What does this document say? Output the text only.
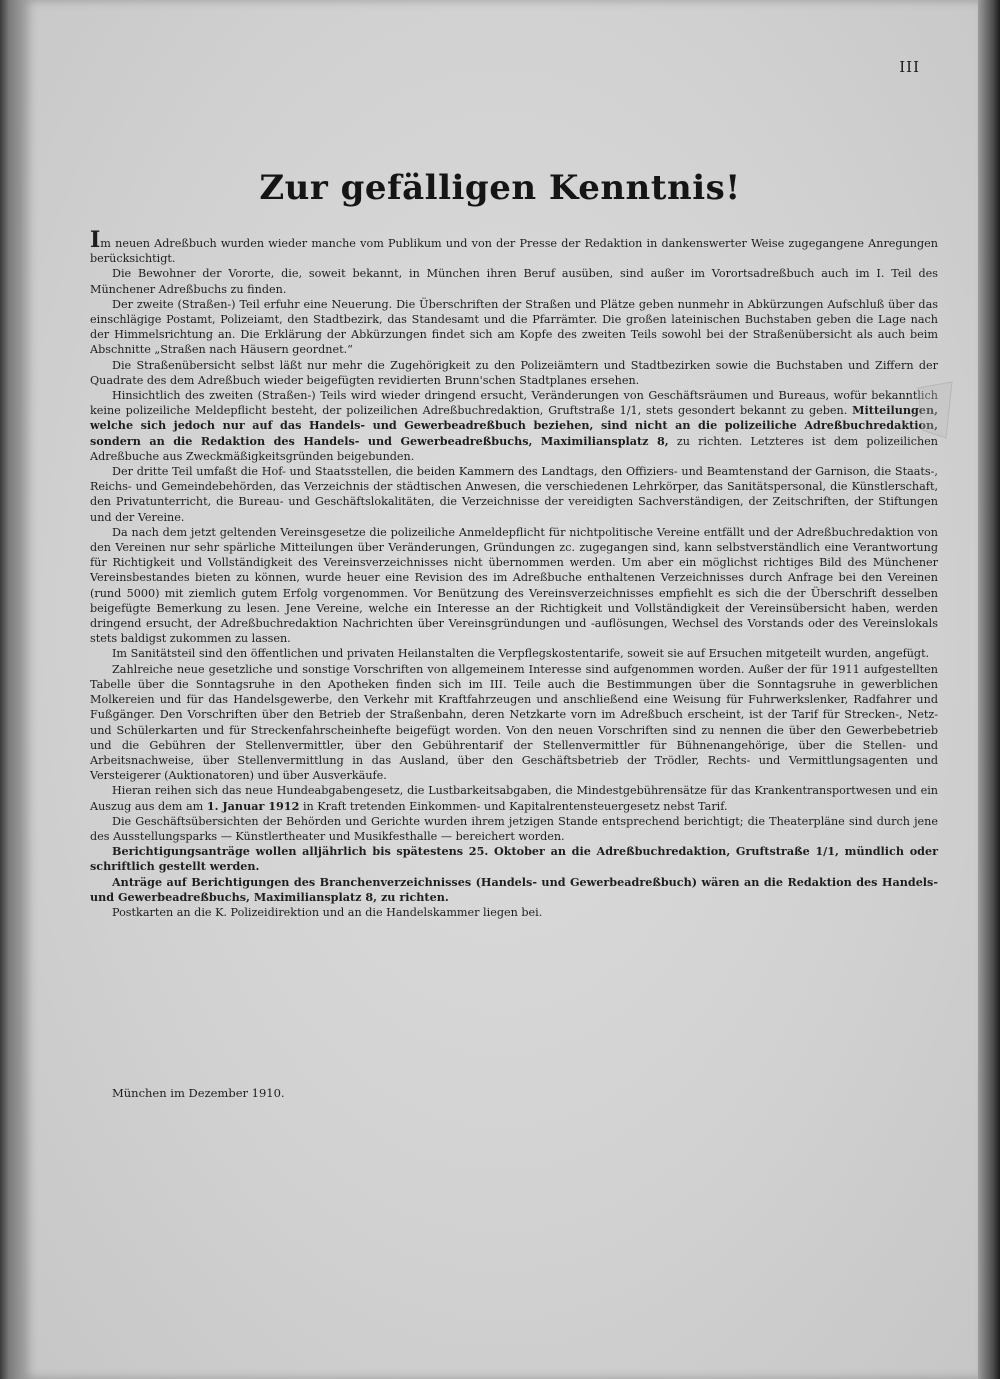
III
Zur gefälligen Kenntnis!

Im neuen Adreßbuch wurden wieder manche vom Publikum und von der Presse der Redaktion in dankenswerter Weise zugegangene Anregungen berücksichtigt.

Die Bewohner der Vororte, die, soweit bekannt, in München ihren Beruf ausüben, sind außer im Vorortsadreßbuch auch im I. Teil des Münchener Adreßbuchs zu finden.

Der zweite (Straßen-) Teil erfuhr eine Neuerung. Die Überschriften der Straßen und Plätze geben nunmehr in Abkürzungen Aufschluß über das einschlägige Postamt, Polizeiamt, den Stadtbezirk, das Standesamt und die Pfarrämter. Die großen lateinischen Buchstaben geben die Lage nach der Himmelsrichtung an. Die Erklärung der Abkürzungen findet sich am Kopfe des zweiten Teils sowohl bei der Straßenübersicht als auch beim Abschnitte „Straßen nach Häusern geordnet.“

Die Straßenübersicht selbst läßt nur mehr die Zugehörigkeit zu den Polizeiämtern und Stadtbezirken sowie die Buchstaben und Ziffern der Quadrate des dem Adreßbuch wieder beigefügten revidierten Brunn'schen Stadtplanes ersehen.

Hinsichtlich des zweiten (Straßen-) Teils wird wieder dringend ersucht, Veränderungen von Geschäftsräumen und Bureaus, wofür bekanntlich keine polizeiliche Meldepflicht besteht, der polizeilichen Adreßbuchredaktion, Gruftstraße 1/1, stets gesondert bekannt zu geben. Mitteilungen, welche sich jedoch nur auf das Handels- und Gewerbeadreßbuch beziehen, sind nicht an die polizeiliche Adreßbuchredaktion, sondern an die Redaktion des Handels- und Gewerbeadreßbuchs, Maximiliansplatz 8, zu richten. Letzteres ist dem polizeilichen Adreßbuche aus Zweckmäßigkeitsgründen beigebunden.

Der dritte Teil umfaßt die Hof- und Staatsstellen, die beiden Kammern des Landtags, den Offiziers- und Beamtenstand der Garnison, die Staats-, Reichs- und Gemeindebehörden, das Verzeichnis der städtischen Anwesen, die verschiedenen Lehrkörper, das Sanitätspersonal, die Künstlerschaft, den Privatunterricht, die Bureau- und Geschäftslokalitäten, die Verzeichnisse der vereidigten Sachverständigen, der Zeitschriften, der Stiftungen und der Vereine.

Da nach dem jetzt geltenden Vereinsgesetze die polizeiliche Anmeldepflicht für nichtpolitische Vereine entfällt und der Adreßbuchredaktion von den Vereinen nur sehr spärliche Mitteilungen über Veränderungen, Gründungen zc. zugegangen sind, kann selbstverständlich eine Verantwortung für Richtigkeit und Vollständigkeit des Vereinsverzeichnisses nicht übernommen werden. Um aber ein möglichst richtiges Bild des Münchener Vereinsbestandes bieten zu können, wurde heuer eine Revision des im Adreßbuche enthaltenen Verzeichnisses durch Anfrage bei den Vereinen (rund 5000) mit ziemlich gutem Erfolg vorgenommen. Vor Benützung des Vereinsverzeichnisses empfiehlt es sich die der Überschrift desselben beigefügte Bemerkung zu lesen. Jene Vereine, welche ein Interesse an der Richtigkeit und Vollständigkeit der Vereinsübersicht haben, werden dringend ersucht, der Adreßbuchredaktion Nachrichten über Vereinsgründungen und -auflösungen, Wechsel des Vorstands oder des Vereinslokals stets baldigst zukommen zu lassen.

Im Sanitätsteil sind den öffentlichen und privaten Heilanstalten die Verpflegskostentarife, soweit sie auf Ersuchen mitgeteilt wurden, angefügt.

Zahlreiche neue gesetzliche und sonstige Vorschriften von allgemeinem Interesse sind aufgenommen worden. Außer der für 1911 aufgestellten Tabelle über die Sonntagsruhe in den Apotheken finden sich im III. Teile auch die Bestimmungen über die Sonntagsruhe in gewerblichen Molkereien und für das Handelsgewerbe, den Verkehr mit Kraftfahrzeugen und anschließend eine Weisung für Fuhrwerkslenker, Radfahrer und Fußgänger. Den Vorschriften über den Betrieb der Straßenbahn, deren Netzkarte vorn im Adreßbuch erscheint, ist der Tarif für Strecken-, Netz- und Schülerkarten und für Streckenfahrscheinhefte beigefügt worden. Von den neuen Vorschriften sind zu nennen die über den Gewerbebetrieb und die Gebühren der Stellenvermittler, über den Gebührentarif der Stellenvermittler für Bühnenangehörige, über die Stellen- und Arbeitsnachweise, über Stellenvermittlung in das Ausland, über den Geschäftsbetrieb der Trödler, Rechts- und Vermittlungsagenten und Versteigerer (Auktionatoren) und über Ausverkäufe.

Hieran reihen sich das neue Hundeabgabengesetz, die Lustbarkeitsabgaben, die Mindestgebührensätze für das Krankentransportwesen und ein Auszug aus dem am 1. Januar 1912 in Kraft tretenden Einkommen- und Kapitalrentensteuergesetz nebst Tarif.

Die Geschäftsübersichten der Behörden und Gerichte wurden ihrem jetzigen Stande entsprechend berichtigt; die Theaterpläne sind durch jene des Ausstellungsparks — Künstlertheater und Musikfesthalle — bereichert worden.

Berichtigungsanträge wollen alljährlich bis spätestens 25. Oktober an die Adreßbuchredaktion, Gruftstraße 1/1, mündlich oder schriftlich gestellt werden.

Anträge auf Berichtigungen des Branchenverzeichnisses (Handels- und Gewerbeadreßbuch) wären an die Redaktion des Handels- und Gewerbeadreßbuchs, Maximiliansplatz 8, zu richten.

Postkarten an die K. Polizeidirektion und an die Handelskammer liegen bei.

München im Dezember 1910.
